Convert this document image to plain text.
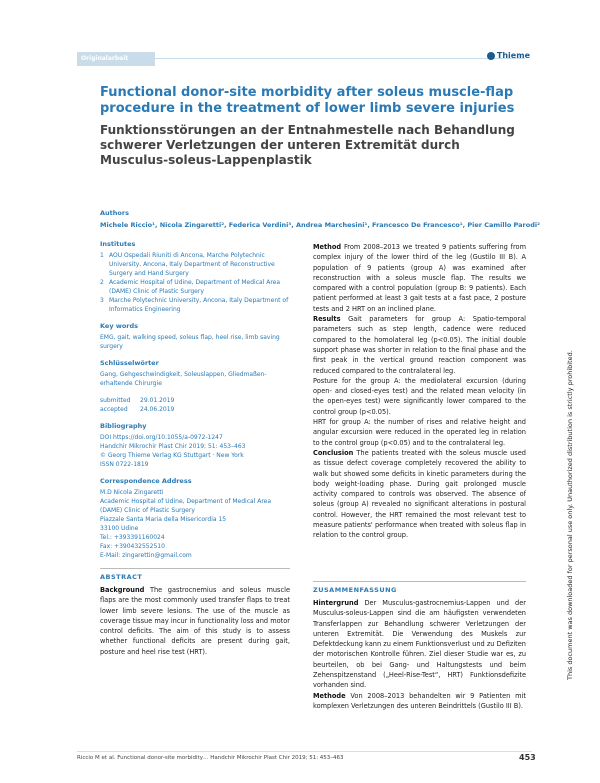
Originalarbeit	Thieme
Functional donor-site morbidity after soleus muscle-flap procedure in the treatment of lower limb severe injuries
Funktionsstörungen an der Entnahmestelle nach Behandlung schwerer Verletzungen der unteren Extremität durch Musculus-soleus-Lappenplastik
Authors
Michele Riccio¹, Nicola Zingaretti², Federica Verdini³, Andrea Marchesini¹, Francesco De Francesco¹, Pier Camillo Parodi²
Institutes
1 AOU Ospedali Riuniti di Ancona, Marche Polytechnic University, Ancona, Italy Department of Reconstructive Surgery and Hand Surgery
2 Academic Hospital of Udine, Department of Medical Area (DAME) Clinic of Plastic Surgery
3 Marche Polytechnic University, Ancona, Italy Department of Informatics Engineering
Key words
EMG, gait, walking speed, soleus flap, heel rise, limb saving surgery
Schlüsselwörter
Gang, Gehgeschwindigkeit, Soleuslappen, Gliedmaßen-erhaltende Chirurgie
submitted	29.01.2019
accepted	24.06.2019
Bibliography
DOI https://doi.org/10.1055/a-0972-1247
Handchir Mikrochir Plast Chir 2019; 51: 453–463
© Georg Thieme Verlag KG Stuttgart · New York
ISSN 0722-1819
Correspondence Address
M.D Nicola Zingaretti
Academic Hospital of Udine, Department of Medical Area
(DAME) Clinic of Plastic Surgery
Piazzale Santa Maria della Misericordia 15
33100 Udine
Tel.: +393391160024
Fax: +390432552510
E-Mail: zingarettin@gmail.com
ABSTRACT
Background The gastrocnemius and soleus muscle flaps are the most commonly used transfer flaps to treat lower limb severe lesions. The use of the muscle as coverage tissue may incur in functionality loss and motor control deficits. The aim of this study is to assess whether functional deficits are present during gait, posture and heel rise test (HRT).

Method From 2008–2013 we treated 9 patients suffering from complex injury of the lower third of the leg (Gustilo III B). A population of 9 patients (group A) was examined after reconstruction with a soleus muscle flap. The results we compared with a control population (group B: 9 patients). Each patient performed at least 3 gait tests at a fast pace, 2 posture tests and 2 HRT on an inclined plane.

Results Gait parameters for group A: Spatio-temporal parameters such as step length, cadence were reduced compared to the homolateral leg (p<0.05). The initial double support phase was shorter in relation to the final phase and the first peak in the vertical ground reaction component was reduced compared to the contralateral leg.

Posture for the group A: the mediolateral excursion (during open- and closed-eyes test) and the related mean velocity (in the open-eyes test) were significantly lower compared to the control group (p<0.05).

HRT for group A: the number of rises and relative height and angular excursion were reduced in the operated leg in relation to the control group (p<0.05) and to the contralateral leg.

Conclusion The patients treated with the soleus muscle used as tissue defect coverage completely recovered the ability to walk but showed some deficits in kinetic parameters during the body weight-loading phase. During gait prolonged muscle activity compared to controls was observed. The absence of soleus (group A) revealed no significant alterations in postural control. However, the HRT remained the most relevant test to measure patients' performance when treated with soleus flap in relation to the control group.

ZUSAMMENFASSUNG

Hintergrund Der Musculus-gastrocnemius-Lappen und der Musculus-soleus-Lappen sind die am häufigsten verwendeten Transferlappen zur Behandlung schwerer Verletzungen der unteren Extremität. Die Verwendung des Muskels zur Defektdeckung kann zu einem Funktionsverlust und zu Defiziten der motorischen Kontrolle führen. Ziel dieser Studie war es, zu beurteilen, ob bei Gang- und Haltungstests und beim Zehenspitzenstand („Heel-Rise-Test“, HRT) Funktionsdefizite vorhanden sind.

Methode Von 2008–2013 behandelten wir 9 Patienten mit komplexen Verletzungen des unteren Beindrittels (Gustilo III B).

This document was downloaded for personal use only. Unauthorized distribution is strictly prohibited.
Riccio M et al. Functional donor-site morbidity… Handchir Mikrochir Plast Chir 2019; 51: 453–463	453
